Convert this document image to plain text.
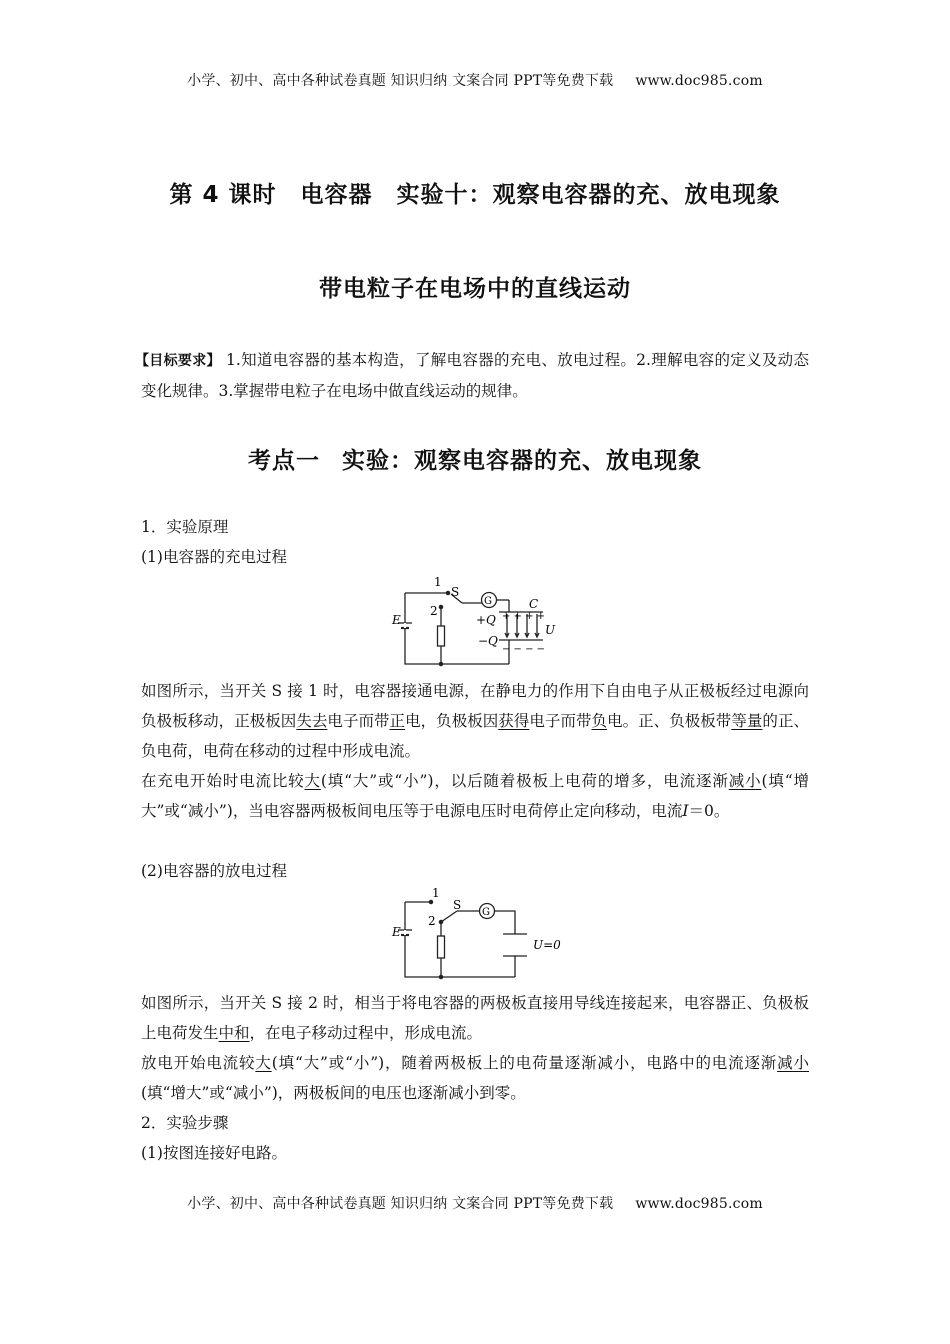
小学、初中、高中各种试卷真题 知识归纳 文案合同 PPT等免费下载 www.doc985.com
第 4 课时 电容器 实验十：观察电容器的充、放电现象
带电粒子在电场中的直线运动
【目标要求】 1.知道电容器的基本构造，了解电容器的充电、放电过程。2.理解电容的定义及动态变化规律。3.掌握带电粒子在电场中做直线运动的规律。
考点一 实验：观察电容器的充、放电现象
1．实验原理
(1)电容器的充电过程
E
1
2
S
G	C
+ + + +
+Q
−Q
− − − −
U
如图所示，当开关 S 接 1 时，电容器接通电源，在静电力的作用下自由电子从正极板经过电源向负极板移动，正极板因失去电子而带正电，负极板因获得电子而带负电。正、负极板带等量的正、负电荷，电荷在移动的过程中形成电流。
在充电开始时电流比较大(填“大”或“小”)，以后随着极板上电荷的增多，电流逐渐减小(填“增大”或“减小”)，当电容器两极板间电压等于电源电压时电荷停止定向移动，电流I＝0。
(2)电容器的放电过程
E
1
2
S
G
U=0
如图所示，当开关 S 接 2 时，相当于将电容器的两极板直接用导线连接起来，电容器正、负极板上电荷发生中和，在电子移动过程中，形成电流。
放电开始电流较大(填“大”或“小”)，随着两极板上的电荷量逐渐减小，电路中的电流逐渐减小(填“增大”或“减小”)，两极板间的电压也逐渐减小到零。
2．实验步骤
(1)按图连接好电路。
小学、初中、高中各种试卷真题 知识归纳 文案合同 PPT等免费下载 www.doc985.com
